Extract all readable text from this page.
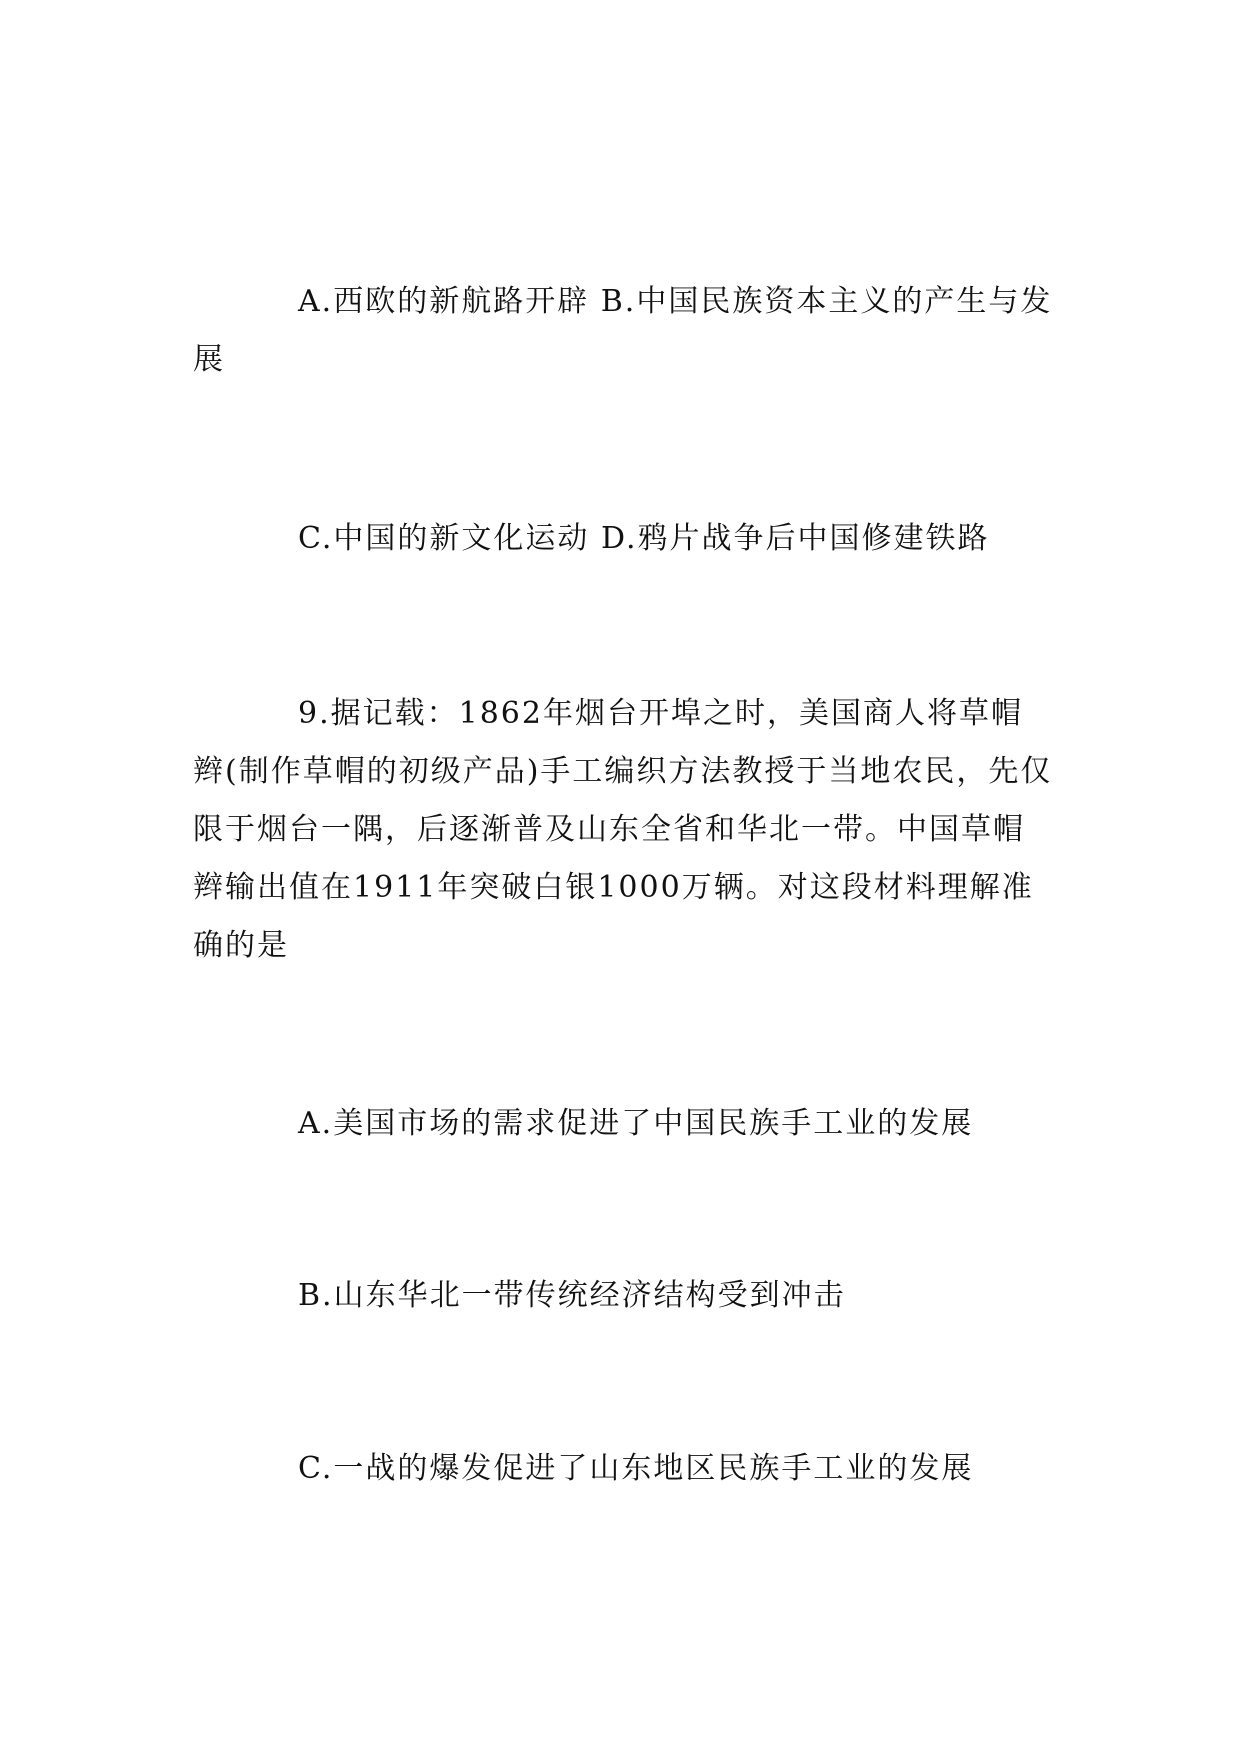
A.西欧的新航路开辟 B.中国民族资本主义的产生与发展

C.中国的新文化运动 D.鸦片战争后中国修建铁路

9.据记载：1862年烟台开埠之时，美国商人将草帽辫(制作草帽的初级产品)手工编织方法教授于当地农民，先仅限于烟台一隅，后逐渐普及山东全省和华北一带。中国草帽辫输出值在1911年突破白银1000万辆。对这段材料理解准确的是

A.美国市场的需求促进了中国民族手工业的发展

B.山东华北一带传统经济结构受到冲击

C.一战的爆发促进了山东地区民族手工业的发展
